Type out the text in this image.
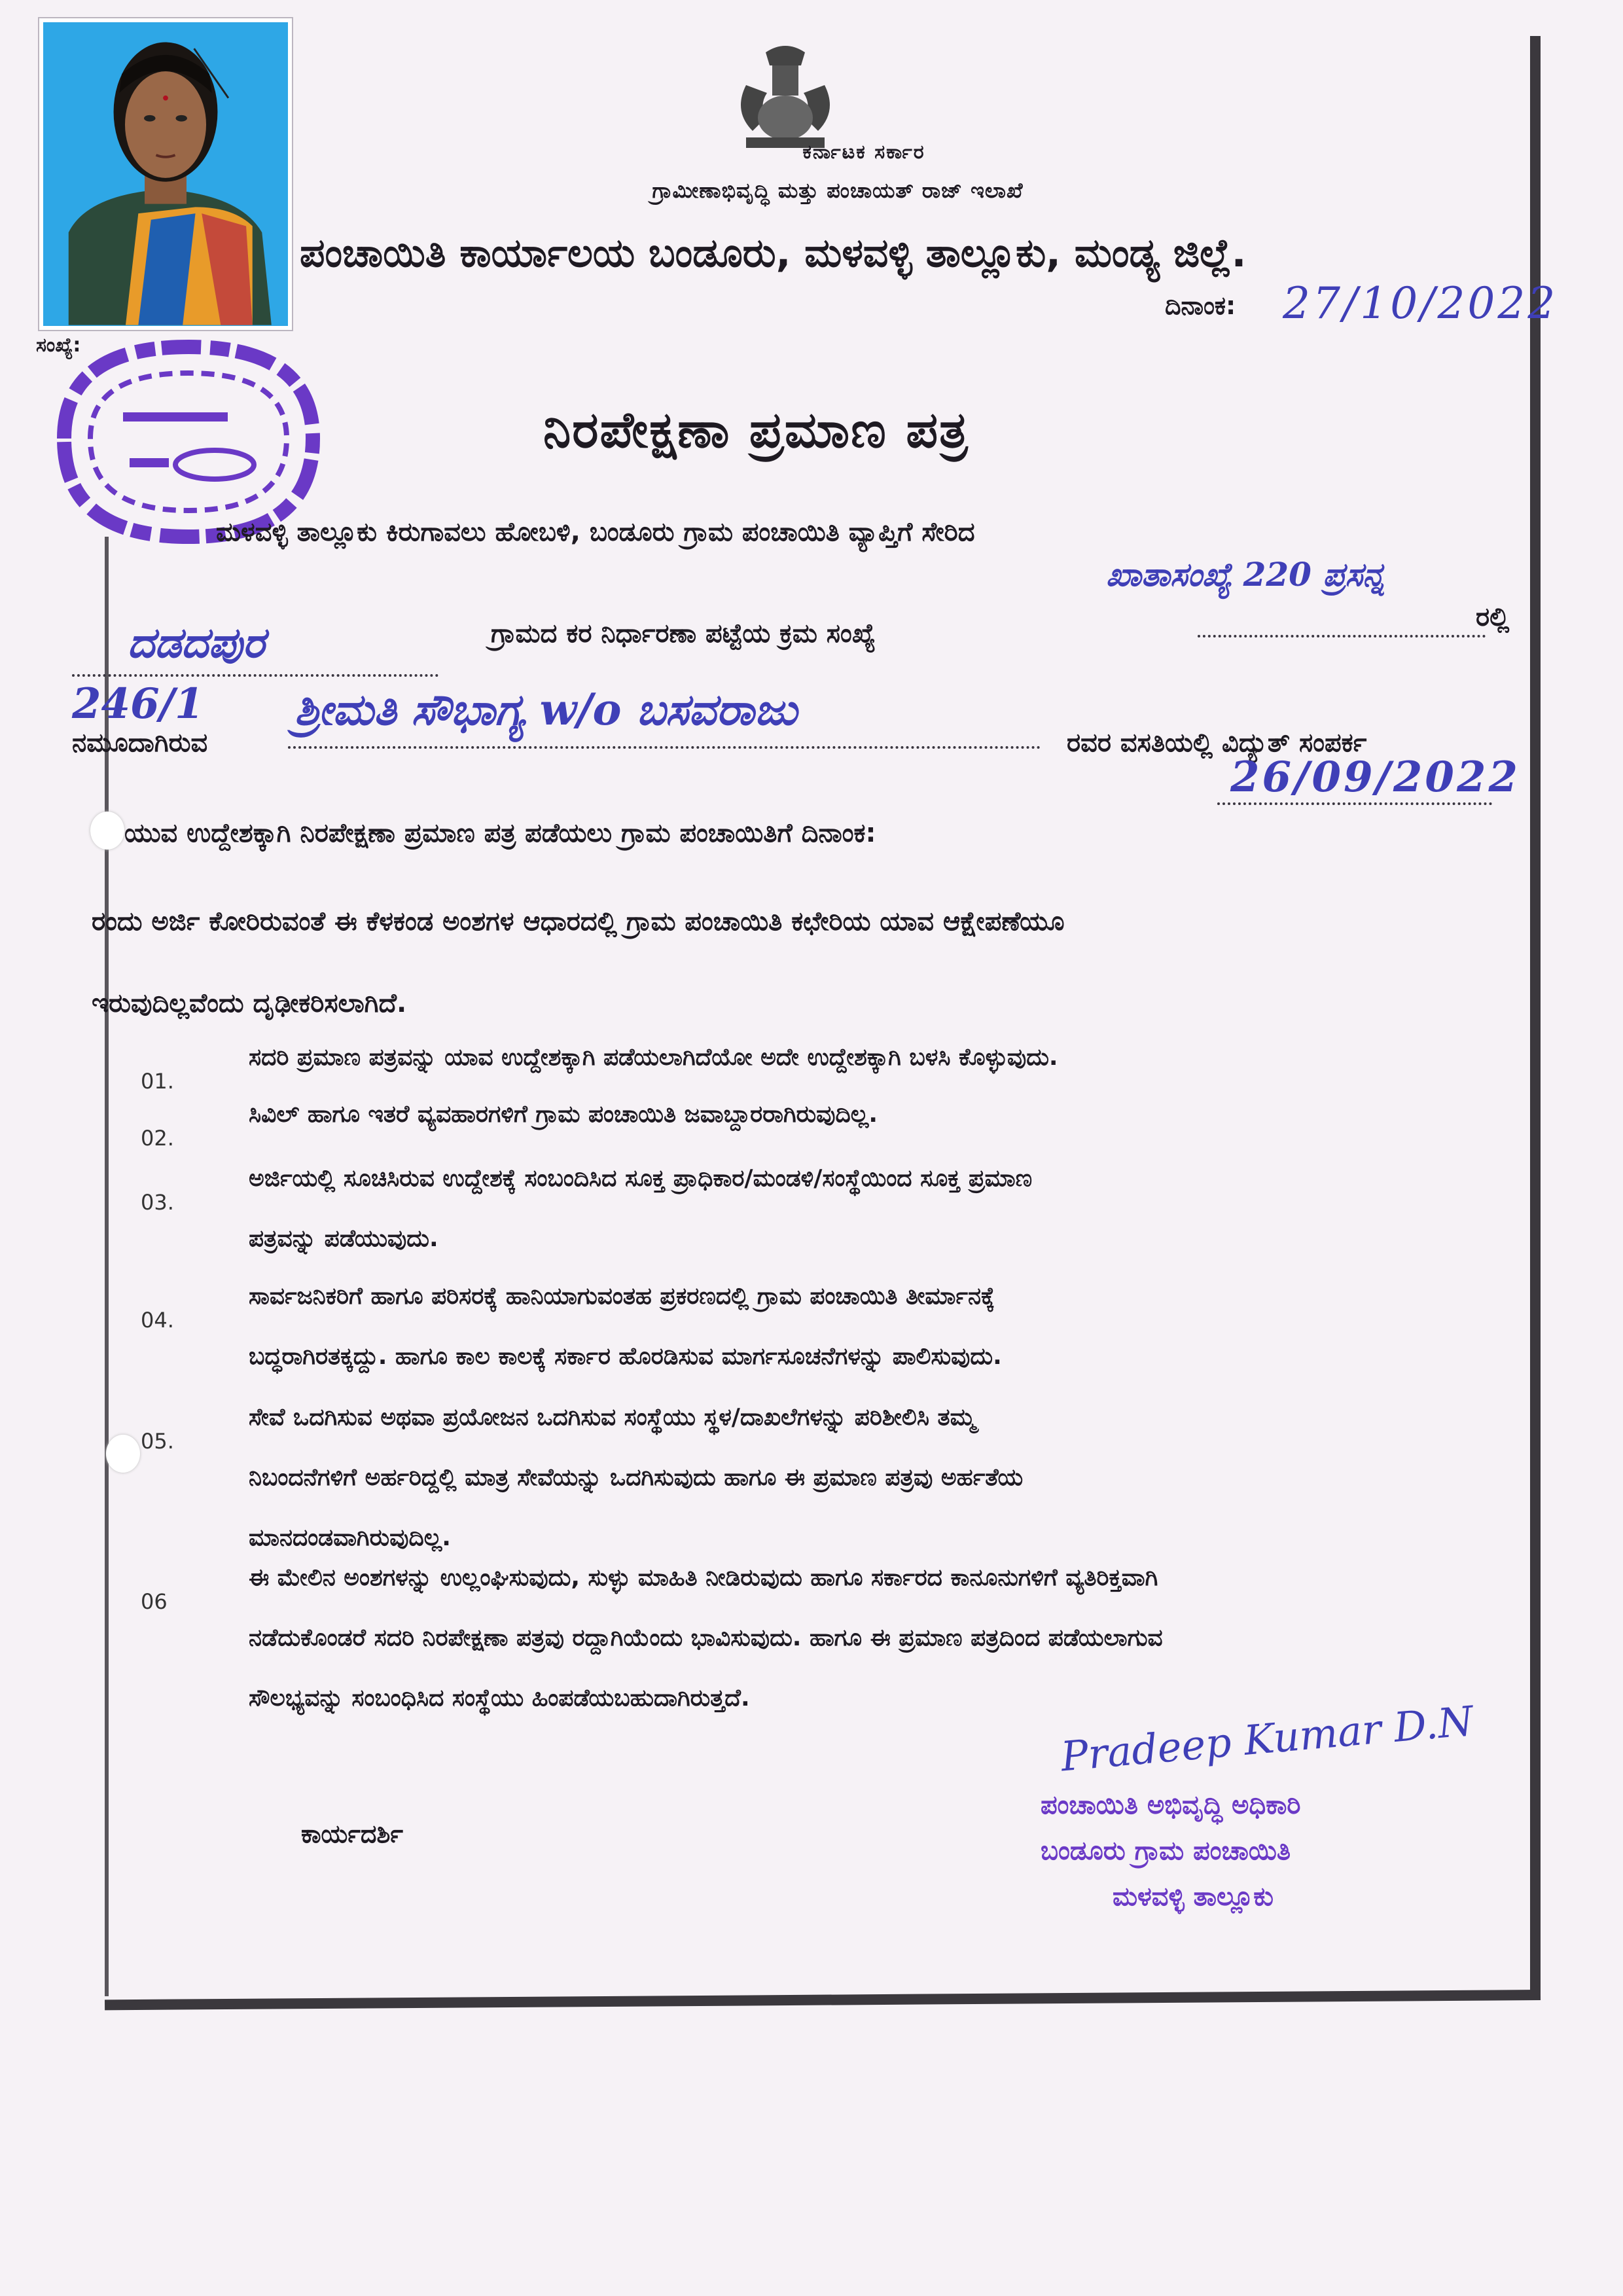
ಸಂಖ್ಯೆ:
ಕರ್ನಾಟಕ ಸರ್ಕಾರ
ಗ್ರಾಮೀಣಾಭಿವೃದ್ಧಿ ಮತ್ತು ಪಂಚಾಯತ್ ರಾಜ್ ಇಲಾಖೆ
ಪಂಚಾಯಿತಿ ಕಾರ್ಯಾಲಯ ಬಂಡೂರು, ಮಳವಳ್ಳಿ ತಾಲ್ಲೂಕು, ಮಂಡ್ಯ ಜಿಲ್ಲೆ.
ದಿನಾಂಕ: 27/10/2022
ನಿರಪೇಕ್ಷಣಾ ಪ್ರಮಾಣ ಪತ್ರ
ಮಳವಳ್ಳಿ ತಾಲ್ಲೂಕು ಕಿರುಗಾವಲು ಹೋಬಳಿ, ಬಂಡೂರು ಗ್ರಾಮ ಪಂಚಾಯಿತಿ ವ್ಯಾಪ್ತಿಗೆ ಸೇರಿದ
ಖಾತಾಸಂಖ್ಯೆ 220 ಪ್ರಸನ್ನ
ದಡದಪುರ	ಗ್ರಾಮದ ಕರ ನಿರ್ಧಾರಣಾ ಪಟ್ಟೆಯ ಕ್ರಮ ಸಂಖ್ಯೆ
ರಲ್ಲಿ
246/1
ನಮೂದಾಗಿರುವ
ಶ್ರೀಮತಿ ಸೌಭಾಗ್ಯ w/o ಬಸವರಾಜು
ರವರ ವಸತಿಯಲ್ಲಿ ವಿದ್ಯುತ್ ಸಂಪರ್ಕ
ಯುವ ಉದ್ದೇಶಕ್ಕಾಗಿ ನಿರಪೇಕ್ಷಣಾ ಪ್ರಮಾಣ ಪತ್ರ ಪಡೆಯಲು ಗ್ರಾಮ ಪಂಚಾಯಿತಿಗೆ ದಿನಾಂಕ:
26/09/2022
ರಂದು ಅರ್ಜಿ ಕೋರಿರುವಂತೆ ಈ ಕೆಳಕಂಡ ಅಂಶಗಳ ಆಧಾರದಲ್ಲಿ ಗ್ರಾಮ ಪಂಚಾಯಿತಿ ಕಛೇರಿಯ ಯಾವ ಆಕ್ಷೇಪಣೆಯೂ
ಇರುವುದಿಲ್ಲವೆಂದು ದೃಢೀಕರಿಸಲಾಗಿದೆ.
01.
ಸದರಿ ಪ್ರಮಾಣ ಪತ್ರವನ್ನು ಯಾವ ಉದ್ದೇಶಕ್ಕಾಗಿ ಪಡೆಯಲಾಗಿದೆಯೋ ಅದೇ ಉದ್ದೇಶಕ್ಕಾಗಿ ಬಳಸಿ ಕೊಳ್ಳುವುದು.
02.
ಸಿವಿಲ್ ಹಾಗೂ ಇತರೆ ವ್ಯವಹಾರಗಳಿಗೆ ಗ್ರಾಮ ಪಂಚಾಯಿತಿ ಜವಾಬ್ದಾರರಾಗಿರುವುದಿಲ್ಲ.
03.
ಅರ್ಜಿಯಲ್ಲಿ ಸೂಚಿಸಿರುವ ಉದ್ದೇಶಕ್ಕೆ ಸಂಬಂದಿಸಿದ ಸೂಕ್ತ ಪ್ರಾಧಿಕಾರ/ಮಂಡಳಿ/ಸಂಸ್ಥೆಯಿಂದ ಸೂಕ್ತ ಪ್ರಮಾಣ
ಪತ್ರವನ್ನು ಪಡೆಯುವುದು.
04.
ಸಾರ್ವಜನಿಕರಿಗೆ ಹಾಗೂ ಪರಿಸರಕ್ಕೆ ಹಾನಿಯಾಗುವಂತಹ ಪ್ರಕರಣದಲ್ಲಿ ಗ್ರಾಮ ಪಂಚಾಯಿತಿ ತೀರ್ಮಾನಕ್ಕೆ
ಬದ್ಧರಾಗಿರತಕ್ಕದ್ದು. ಹಾಗೂ ಕಾಲ ಕಾಲಕ್ಕೆ ಸರ್ಕಾರ ಹೊರಡಿಸುವ ಮಾರ್ಗಸೂಚನೆಗಳನ್ನು ಪಾಲಿಸುವುದು.
05.
ಸೇವೆ ಒದಗಿಸುವ ಅಥವಾ ಪ್ರಯೋಜನ ಒದಗಿಸುವ ಸಂಸ್ಥೆಯು ಸ್ಥಳ/ದಾಖಲೆಗಳನ್ನು ಪರಿಶೀಲಿಸಿ ತಮ್ಮ
ನಿಬಂದನೆಗಳಿಗೆ ಅರ್ಹರಿದ್ದಲ್ಲಿ ಮಾತ್ರ ಸೇವೆಯನ್ನು ಒದಗಿಸುವುದು ಹಾಗೂ ಈ ಪ್ರಮಾಣ ಪತ್ರವು ಅರ್ಹತೆಯ
ಮಾನದಂಡವಾಗಿರುವುದಿಲ್ಲ.
06
ಈ ಮೇಲಿನ ಅಂಶಗಳನ್ನು ಉಲ್ಲಂಘಿಸುವುದು, ಸುಳ್ಳು ಮಾಹಿತಿ ನೀಡಿರುವುದು ಹಾಗೂ ಸರ್ಕಾರದ ಕಾನೂನುಗಳಿಗೆ ವ್ಯತಿರಿಕ್ತವಾಗಿ
ನಡೆದುಕೊಂಡರೆ ಸದರಿ ನಿರಪೇಕ್ಷಣಾ ಪತ್ರವು ರದ್ದಾಗಿಯೆಂದು ಭಾವಿಸುವುದು. ಹಾಗೂ ಈ ಪ್ರಮಾಣ ಪತ್ರದಿಂದ ಪಡೆಯಲಾಗುವ
ಸೌಲಭ್ಯವನ್ನು ಸಂಬಂಧಿಸಿದ ಸಂಸ್ಥೆಯು ಹಿಂಪಡೆಯಬಹುದಾಗಿರುತ್ತದೆ.	Pradeep Kumar D.N
ಪಂಚಾಯಿತಿ ಅಭಿವೃದ್ಧಿ ಅಧಿಕಾರಿ
ಬಂಡೂರು ಗ್ರಾಮ ಪಂಚಾಯಿತಿ
ಮಳವಳ್ಳಿ ತಾಲ್ಲೂಕು
ಕಾರ್ಯದರ್ಶಿ
